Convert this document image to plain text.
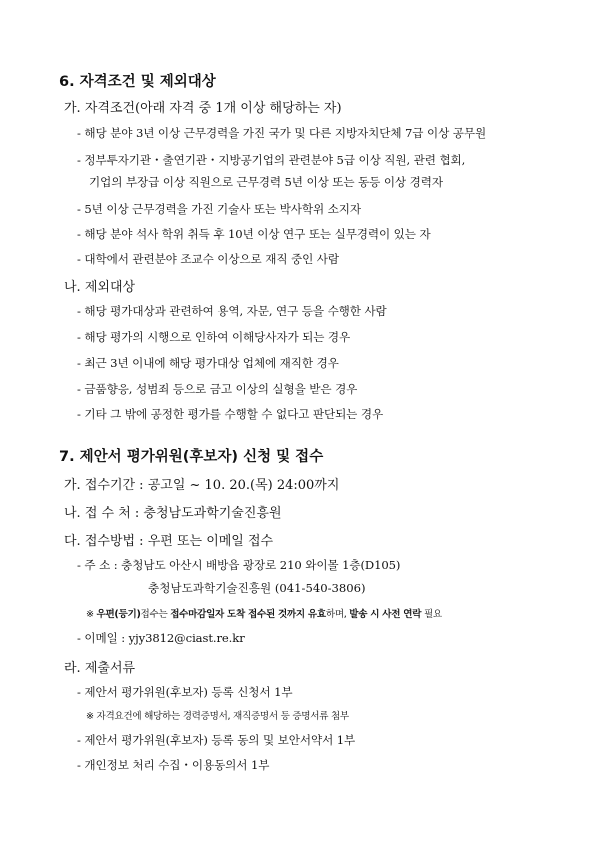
6. 자격조건 및 제외대상
가. 자격조건(아래 자격 중 1개 이상 해당하는 자)
- 해당 분야 3년 이상 근무경력을 가진 국가 및 다른 지방자치단체 7급 이상 공무원
- 정부투자기관・출연기관・지방공기업의 관련분야 5급 이상 직원, 관련 협회,
기업의 부장급 이상 직원으로 근무경력 5년 이상 또는 동등 이상 경력자
- 5년 이상 근무경력을 가진 기술사 또는 박사학위 소지자
- 해당 분야 석사 학위 취득 후 10년 이상 연구 또는 실무경력이 있는 자
- 대학에서 관련분야 조교수 이상으로 재직 중인 사람
나. 제외대상
- 해당 평가대상과 관련하여 용역, 자문, 연구 등을 수행한 사람
- 해당 평가의 시행으로 인하여 이해당사자가 되는 경우
- 최근 3년 이내에 해당 평가대상 업체에 재직한 경우
- 금품향응, 성범죄 등으로 금고 이상의 실형을 받은 경우
- 기타 그 밖에 공정한 평가를 수행할 수 없다고 판단되는 경우
7. 제안서 평가위원(후보자) 신청 및 접수
가. 접수기간 : 공고일 ~ 10. 20.(목) 24:00까지
나. 접 수 처 : 충청남도과학기술진흥원
다. 접수방법 : 우편 또는 이메일 접수
- 주 소 : 충청남도 아산시 배방읍 광장로 210 와이몰 1층(D105)
충청남도과학기술진흥원 (041-540-3806)
※ 우편(등기)접수는 접수마감일자 도착 접수된 것까지 유효하며, 발송 시 사전 연락 필요
- 이메일 : yjy3812@ciast.re.kr
라. 제출서류
- 제안서 평가위원(후보자) 등록 신청서 1부
※ 자격요건에 해당하는 경력증명서, 재직증명서 등 증명서류 첨부
- 제안서 평가위원(후보자) 등록 동의 및 보안서약서 1부
- 개인정보 처리 수집・이용동의서 1부
